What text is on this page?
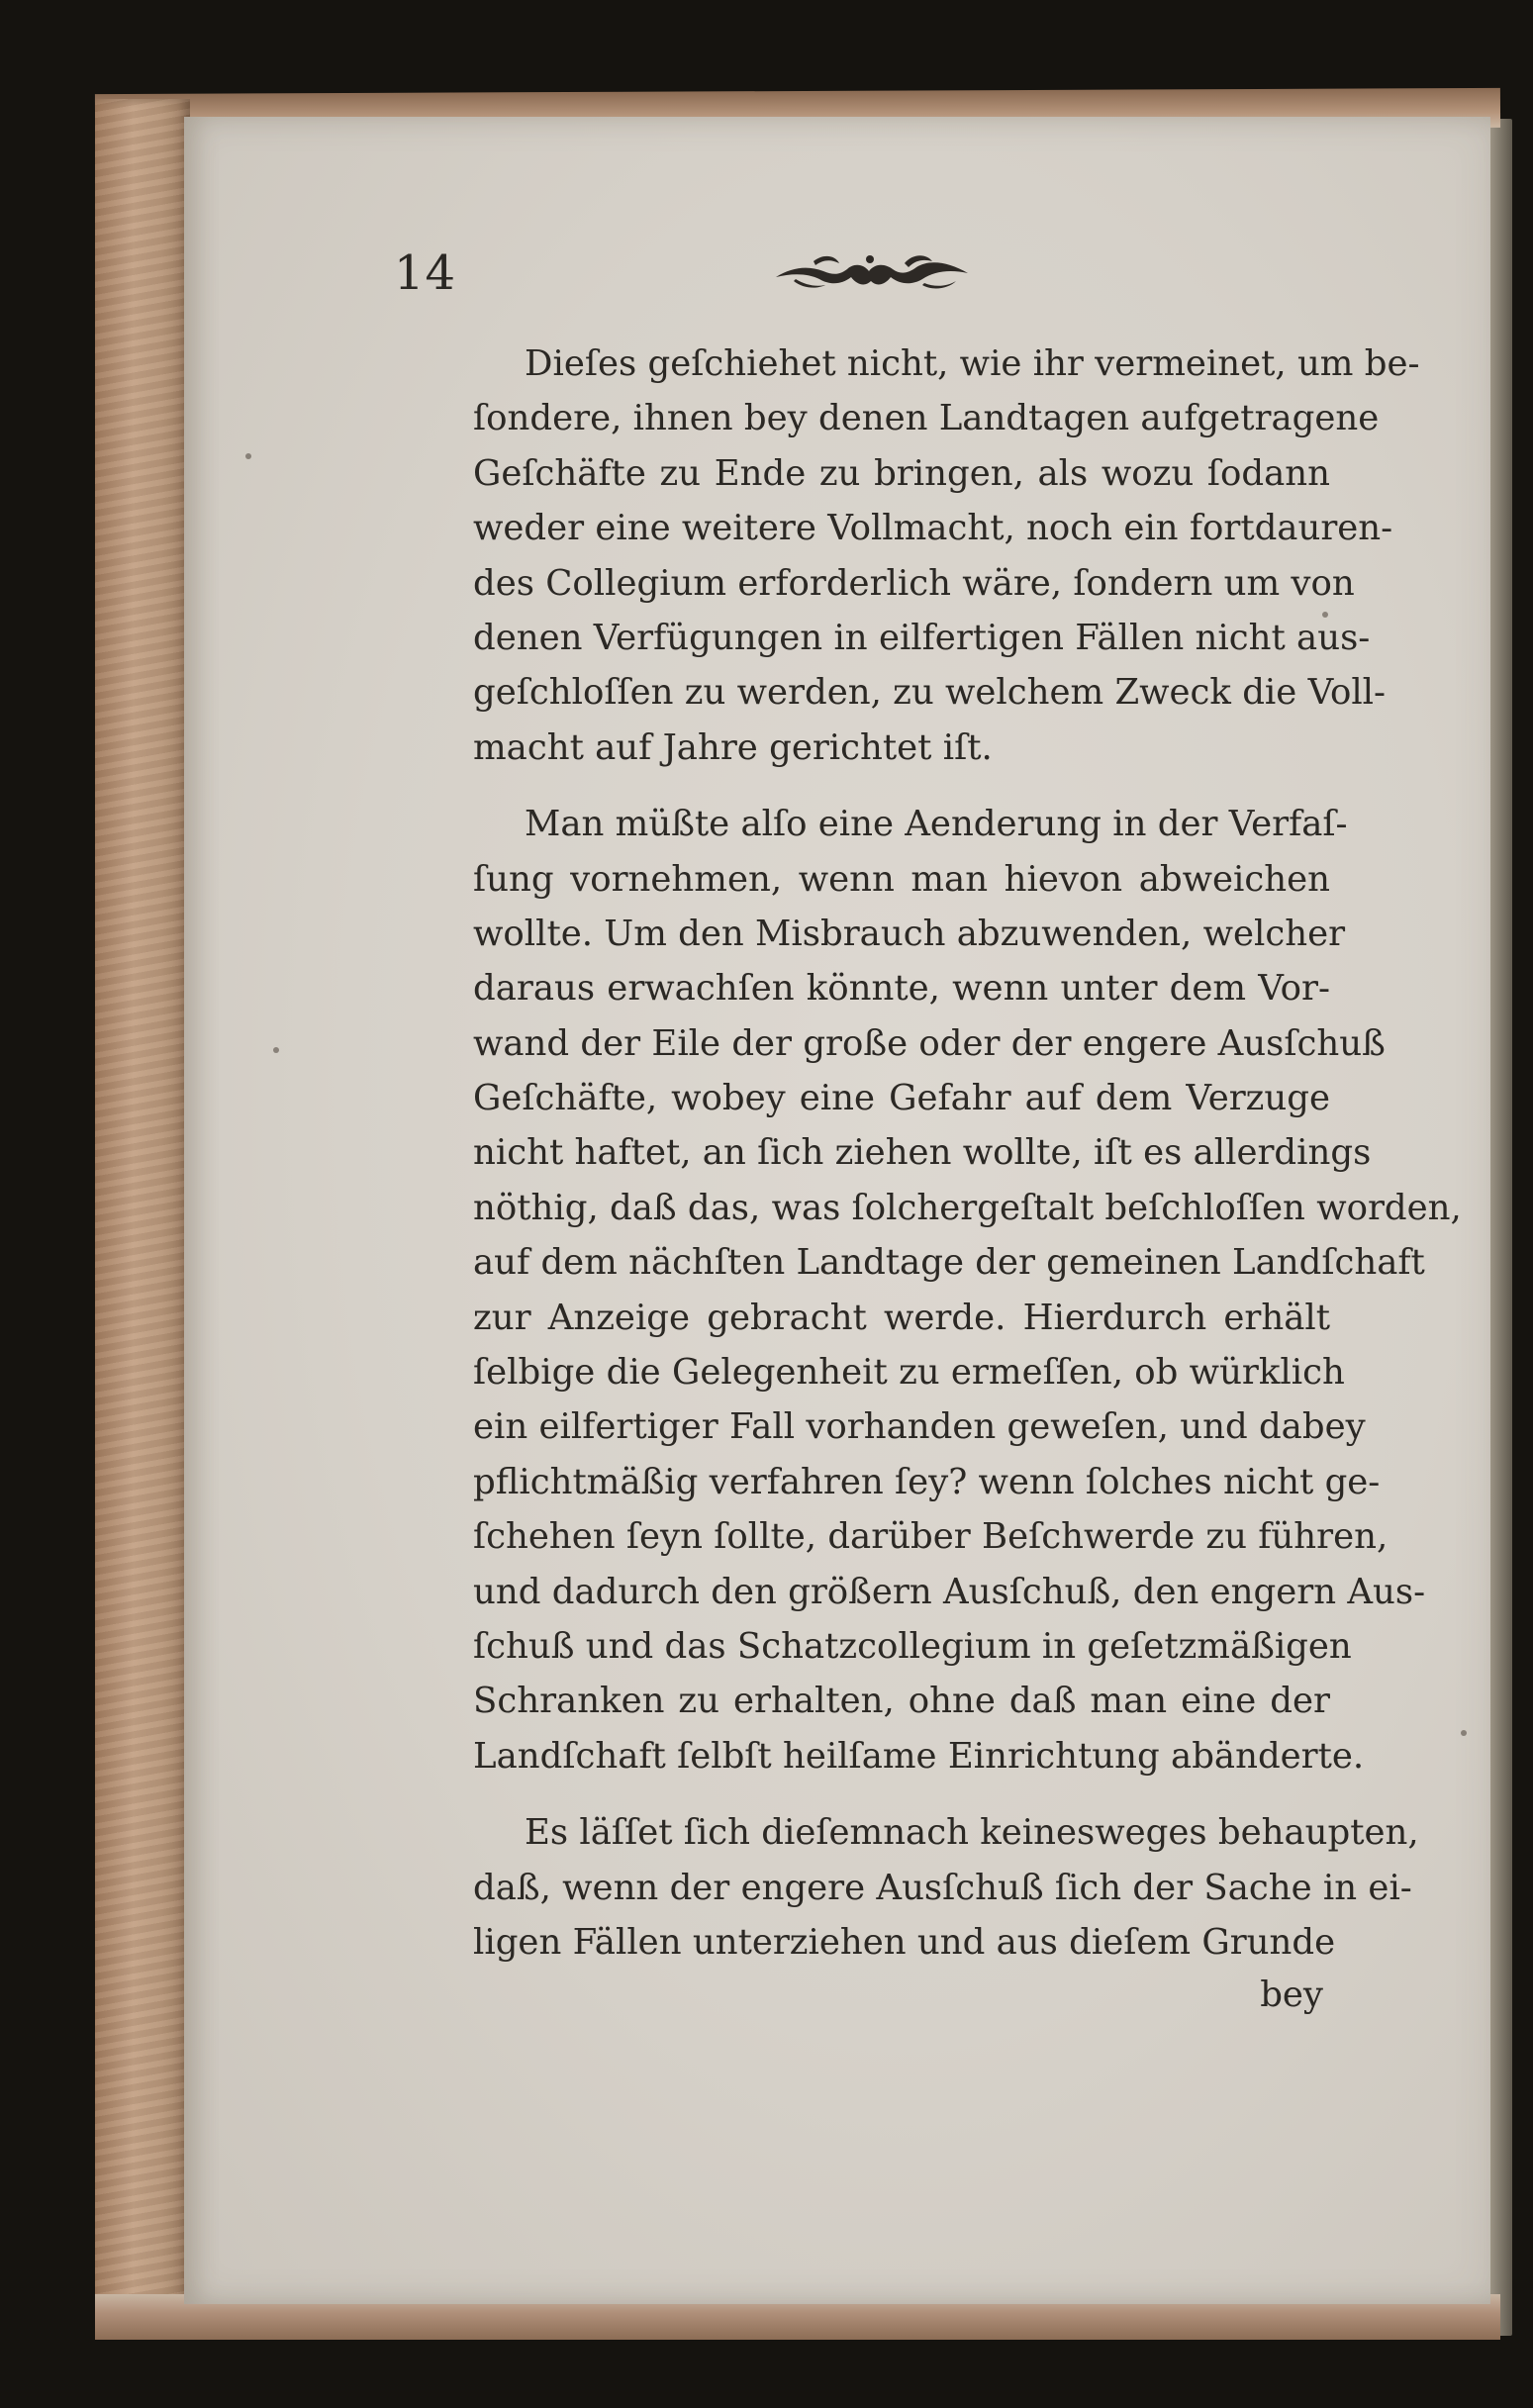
14
Dieſes geſchiehet nicht, wie ihr vermeinet, um be-
ſondere, ihnen bey denen Landtagen aufgetragene
Geſchäfte zu Ende zu bringen, als wozu ſodann
weder eine weitere Vollmacht, noch ein fortdauren-
des Collegium erforderlich wäre, ſondern um von
denen Verfügungen in eilfertigen Fällen nicht aus-
geſchloſſen zu werden, zu welchem Zweck die Voll-
macht auf Jahre gerichtet iſt.
Man müßte alſo eine Aenderung in der Verfaſ-
ſung vornehmen, wenn man hievon abweichen
wollte. Um den Misbrauch abzuwenden, welcher
daraus erwachſen könnte, wenn unter dem Vor-
wand der Eile der große oder der engere Ausſchuß
Geſchäfte, wobey eine Gefahr auf dem Verzuge
nicht haftet, an ſich ziehen wollte, iſt es allerdings
nöthig, daß das, was ſolchergeſtalt beſchloſſen worden,
auf dem nächſten Landtage der gemeinen Landſchaft
zur Anzeige gebracht werde. Hierdurch erhält
ſelbige die Gelegenheit zu ermeſſen, ob würklich
ein eilfertiger Fall vorhanden geweſen, und dabey
pflichtmäßig verfahren ſey? wenn ſolches nicht ge-
ſchehen ſeyn ſollte, darüber Beſchwerde zu führen,
und dadurch den größern Ausſchuß, den engern Aus-
ſchuß und das Schatzcollegium in geſetzmäßigen
Schranken zu erhalten, ohne daß man eine der
Landſchaft ſelbſt heilſame Einrichtung abänderte.
Es läſſet ſich dieſemnach keinesweges behaupten,
daß, wenn der engere Ausſchuß ſich der Sache in ei-
ligen Fällen unterziehen und aus dieſem Grunde
bey
